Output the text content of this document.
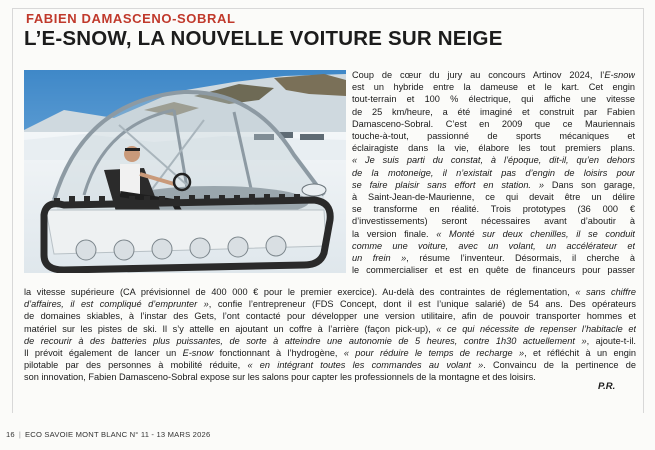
FABIEN DAMASCENO-SOBRAL
L’E-SNOW, LA NOUVELLE VOITURE SUR NEIGE
Coup de cœur du jury au concours Artinov 2024, l’E-snow
est un hybride entre la dameuse et le kart. Cet engin
tout-terrain et 100 % électrique, qui affiche une vitesse
de 25 km/heure, a été imaginé et construit par Fabien
Damasceno-Sobral. C’est en 2009 que ce Mauriennais
touche-à-tout, passionné de sports mécaniques et
éclairagiste dans la vie, élabore les tout premiers plans.
« Je suis parti du constat, à l’époque, dit-il, qu’en dehors
de la motoneige, il n’existait pas d’engin de loisirs pour
se faire plaisir sans effort en station. » Dans son garage,
à Saint-Jean-de-Maurienne, ce qui devait être un délire
se transforme en réalité. Trois prototypes (36 000 €
d’investissements) seront nécessaires avant d’aboutir à
la version finale. « Monté sur deux chenilles, il se conduit
comme une voiture, avec un volant, un accélérateur et
un frein », résume l’inventeur. Désormais, il cherche à
le commercialiser et est en quête de financeurs pour passer
la vitesse supérieure (CA prévisionnel de 400 000 € pour le premier exercice). Au-delà des contraintes de réglementation, « sans chiffre
d’affaires, il est compliqué d’emprunter », confie l’entrepreneur (FDS Concept, dont il est l’unique salarié) de 54 ans. Des opérateurs
de domaines skiables, à l’instar des Gets, l’ont contacté pour développer une version utilitaire, afin de pouvoir transporter hommes et
matériel sur les pistes de ski. Il s’y attelle en ajoutant un coffre à l’arrière (façon pick-up), « ce qui nécessite de repenser l’habitacle et
de recourir à des batteries plus puissantes, de sorte à atteindre une autonomie de 5 heures, contre 1h30 actuellement », ajoute-t-il.
Il prévoit également de lancer un E-snow fonctionnant à l’hydrogène, « pour réduire le temps de recharge », et réfléchit à un engin
pilotable par des personnes à mobilité réduite, « en intégrant toutes les commandes au volant ». Convaincu de la pertinence de
son innovation, Fabien Damasceno-Sobral expose sur les salons pour capter les professionnels de la montagne et des loisirs.
P.R.
16 | ECO SAVOIE MONT BLANC N° 11 - 13 MARS 2026
